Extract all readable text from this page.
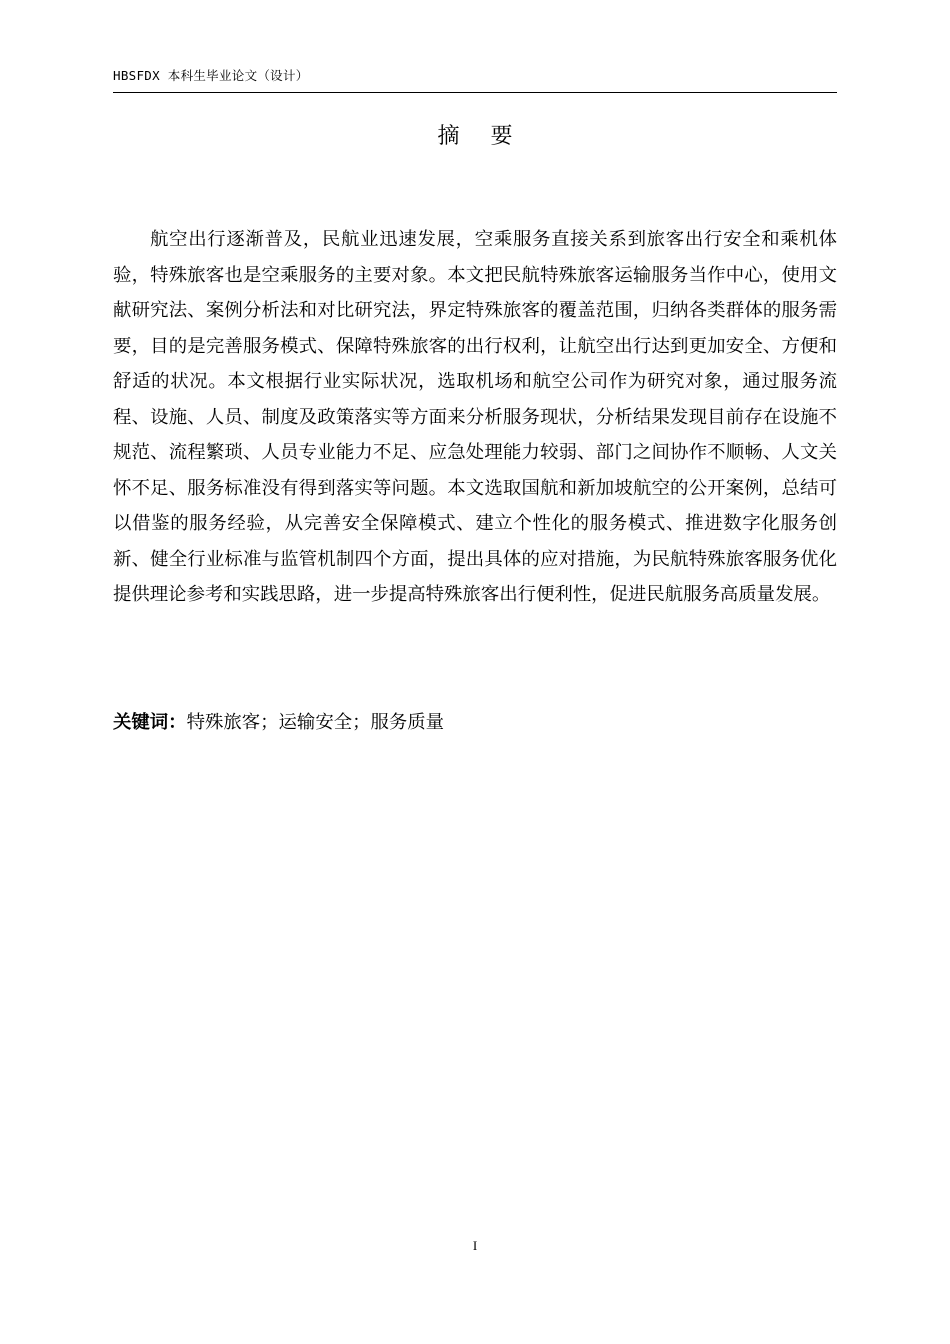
HBSFDX 本科生毕业论文（设计）
摘 要

航空出行逐渐普及，民航业迅速发展，空乘服务直接关系到旅客出行安全和乘机体验，特殊旅客也是空乘服务的主要对象。本文把民航特殊旅客运输服务当作中心，使用文献研究法、案例分析法和对比研究法，界定特殊旅客的覆盖范围，归纳各类群体的服务需要，目的是完善服务模式、保障特殊旅客的出行权利，让航空出行达到更加安全、方便和舒适的状况。本文根据行业实际状况，选取机场和航空公司作为研究对象，通过服务流程、设施、人员、制度及政策落实等方面来分析服务现状，分析结果发现目前存在设施不规范、流程繁琐、人员专业能力不足、应急处理能力较弱、部门之间协作不顺畅、人文关怀不足、服务标准没有得到落实等问题。本文选取国航和新加坡航空的公开案例，总结可以借鉴的服务经验，从完善安全保障模式、建立个性化的服务模式、推进数字化服务创新、健全行业标准与监管机制四个方面，提出具体的应对措施，为民航特殊旅客服务优化提供理论参考和实践思路，进一步提高特殊旅客出行便利性，促进民航服务高质量发展。

关键词：特殊旅客；运输安全；服务质量
I
